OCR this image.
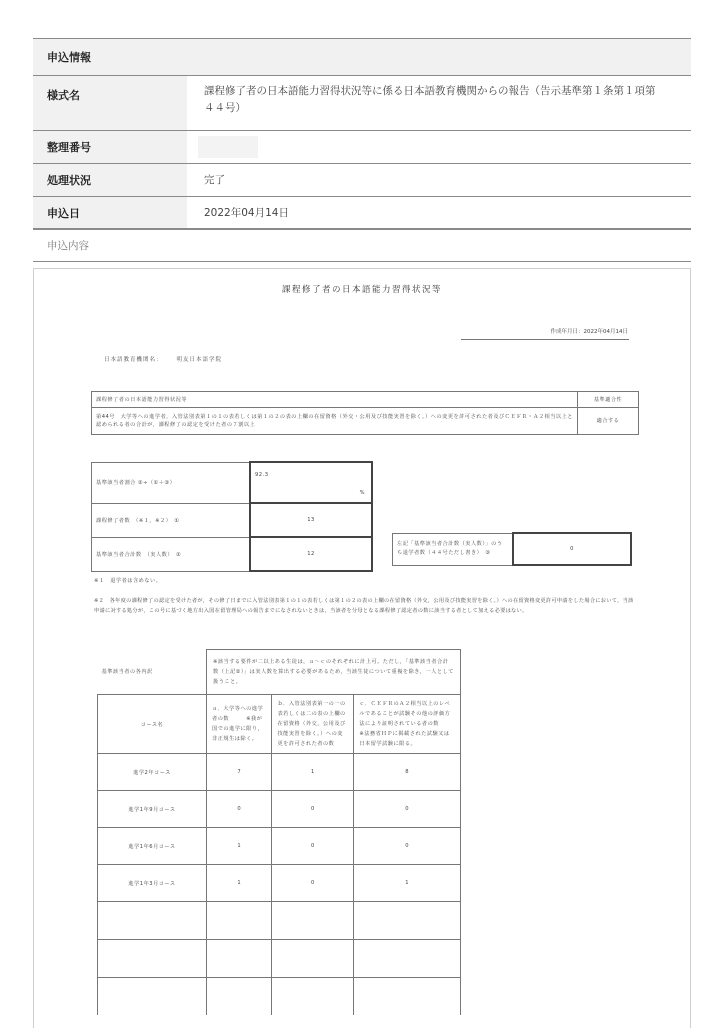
申込情報
様式名	課程修了者の日本語能力習得状況等に係る日本語教育機関からの報告（告示基準第１条第１項第４４号）
整理番号
処理状況	完了
申込日	2022年04月14日
申込内容
課程修了者の日本語能力習得状況等
作成年月日：2022年04月14日
日本語教育機関名：	明友日本語学院
課程修了者の日本語能力習得状況等	基準適合性
第44号　大学等への進学者，入管法別表第１の１の表若しくは第１の２の表の上欄の在留資格（外交・公用及び技能実習を除く。）への変更を許可された者及びＣＥＦＲ・Ａ２相当以上と認められる者の合計が，課程修了の認定を受けた者の７割以上	適合する
基準該当者割合 ②÷（①＋③）	92.3
%

課程修了者数　（※１，※２）　①	13
基準該当者合計数　（実人数）　②	12
左記「基準該当者合計数（実人数）」のうち退学者数（４４号ただし書き）　③	0
※１　退学者は含めない。
※２　各年度の課程修了の認定を受けた者が，その修了日までに入管法別表第１の１の表若しくは第１の２の表の上欄の在留資格（外交，公用及び技能実習を除く。）への在留資格変更許可申請をした場合において，当該申請に対する処分が，この号に基づく地方出入国在留管理局への報告までになされないときは，当該者を分母となる課程修了認定者の数に該当する者として加える必要はない。
基準該当者の各内訳	※該当する要件が二以上ある生徒は，ａ～ｃのそれぞれに計上可。ただし，「基準該当者合計数（上記②）」は実人数を算出する必要があるため，当該生徒について重複を除き，一人として扱うこと。		
コース名	ａ．大学等への進学者の数　　　※我が国での進学に限り，非正規生は除く。	ｂ．入管法別表第一の一の表若しくは二の表の上欄の在留資格（外交，公用及び技能実習を除く。）への変更を許可された者の数	ｃ．ＣＥＦＲのＡ２相当以上のレベルであることが試験その他の評価方法により証明されている者の数　　　※法務省ＨＰに掲載された試験又は日本留学試験に限る。
進学2年コース	7	1	8
進学1年9月コース	0	0	0
進学1年6月コース	1	0	0
進学1年3月コース	1	0	1
